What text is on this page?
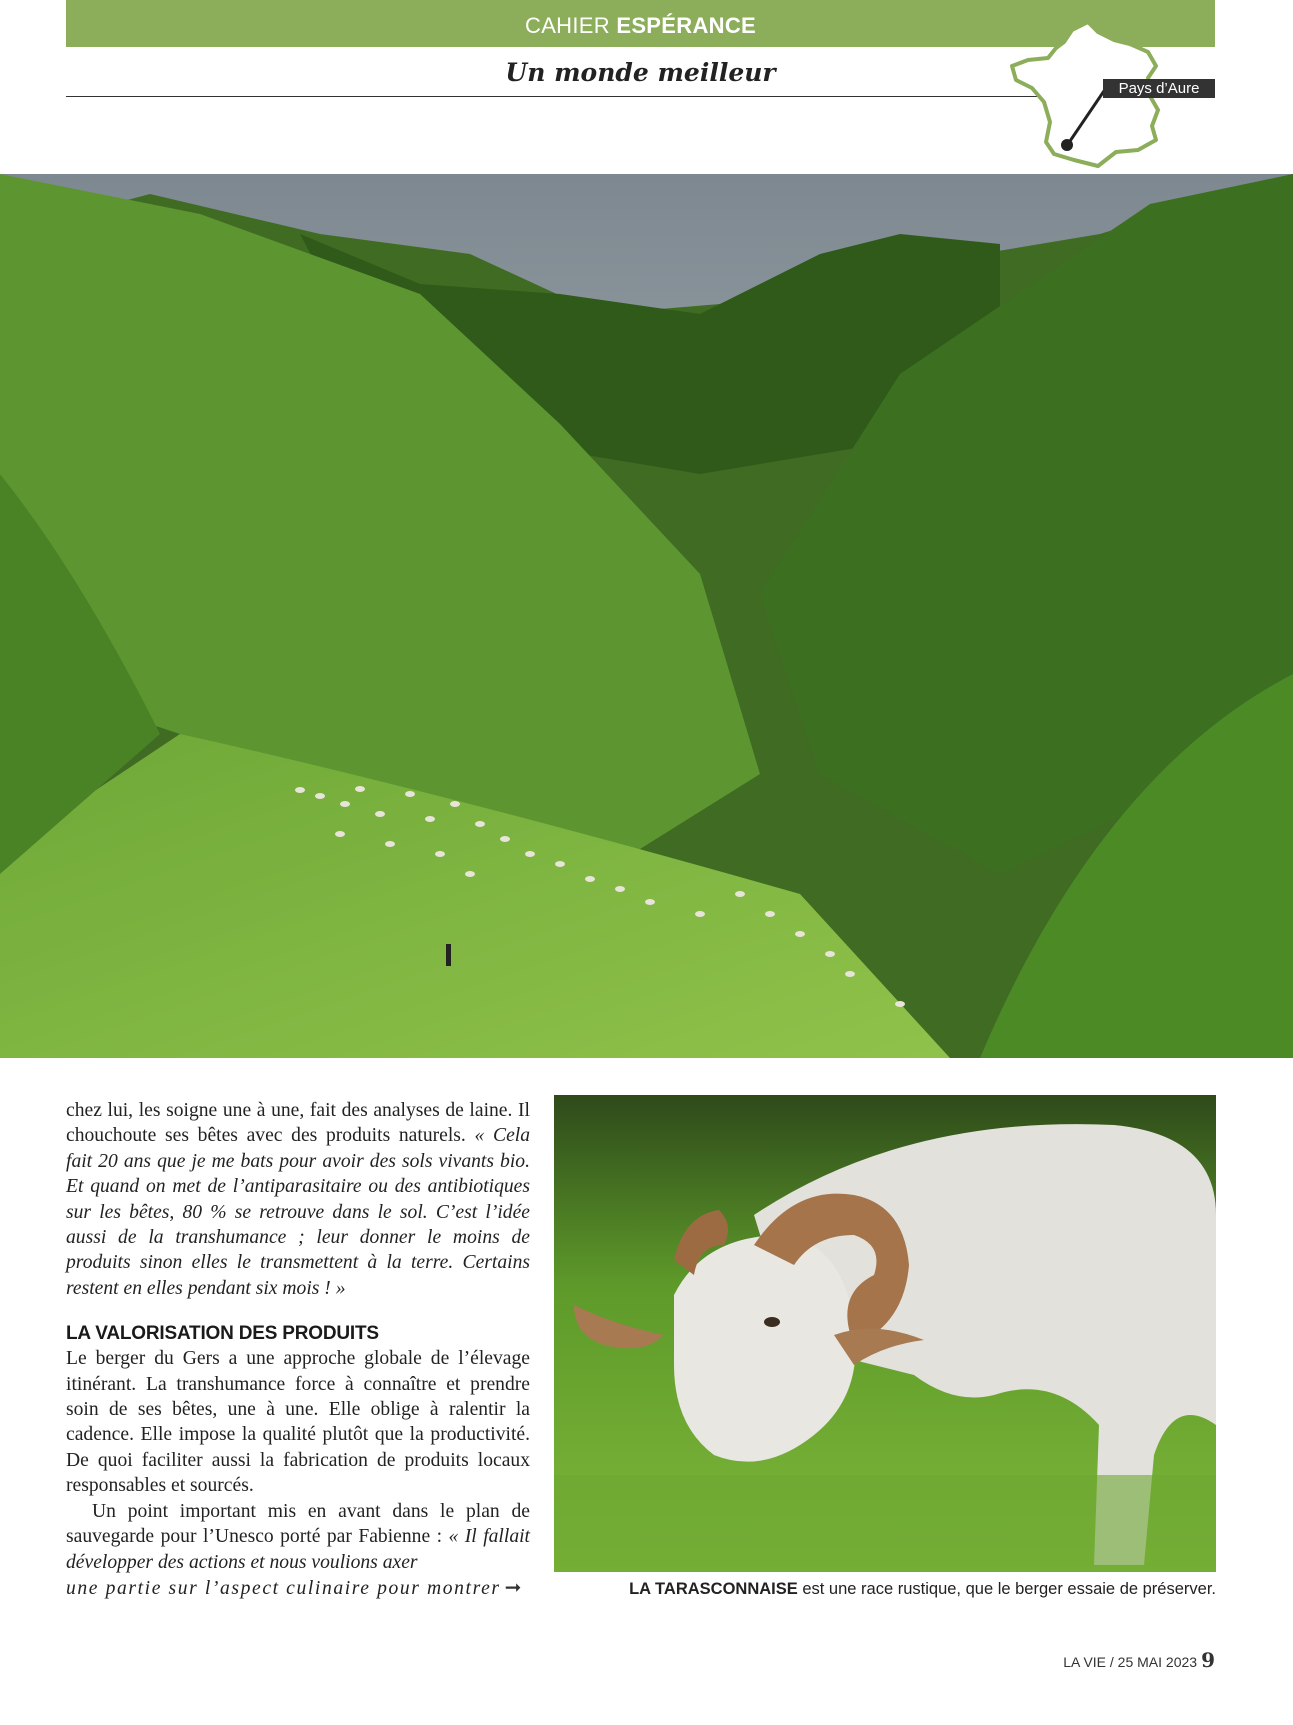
CAHIER ESPÉRANCE
Un monde meilleur
Pays d’Aure

chez lui, les soigne une à une, fait des analyses de laine. Il chouchoute ses bêtes avec des produits naturels. « Cela fait 20 ans que je me bats pour avoir des sols vivants bio. Et quand on met de l’antiparasitaire ou des antibiotiques sur les bêtes, 80 % se retrouve dans le sol. C’est l’idée aussi de la transhumance ; leur donner le moins de produits sinon elles le transmettent à la terre. Certains restent en elles pendant six mois ! »

LA VALORISATION DES PRODUITS

Le berger du Gers a une approche globale de l’élevage itinérant. La transhumance force à connaître et prendre soin de ses bêtes, une à une. Elle oblige à ralentir la cadence. Elle impose la qualité plutôt que la productivité. De quoi faciliter aussi la fabrication de produits locaux responsables et sourcés.

Un point important mis en avant dans le plan de sauvegarde pour l’Unesco porté par Fabienne : « Il fallait développer des actions et nous voulions axer

une partie sur l’aspect culinaire pour montrer ➞	LA TARASCONNAISE est une race rustique, que le berger essaie de préserver.
LA VIE / 25 MAI 2023 9
